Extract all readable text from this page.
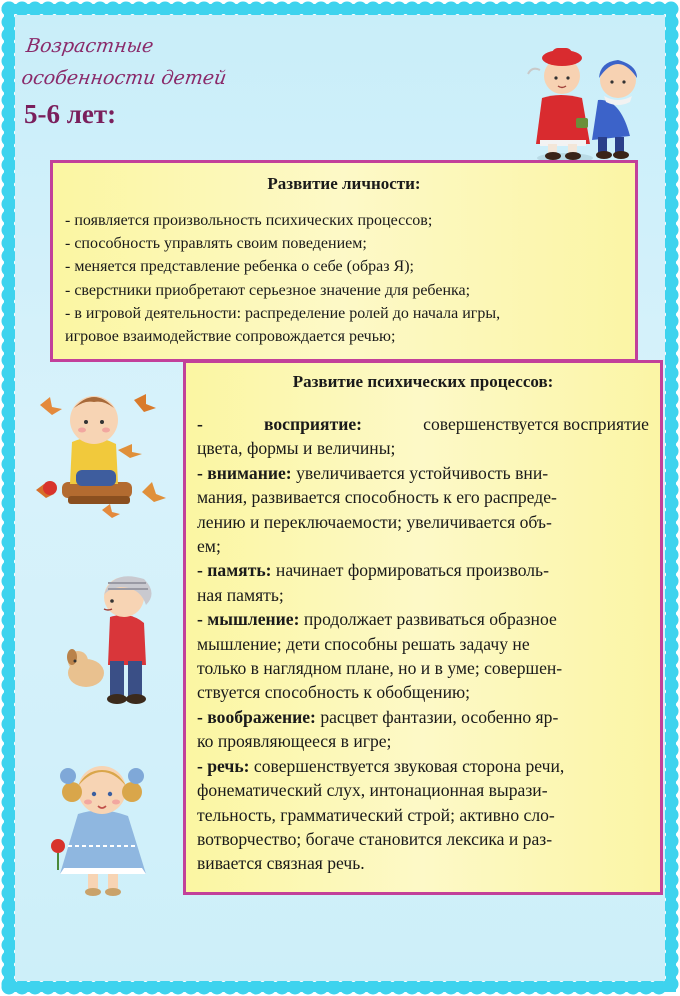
Возрастные
особенности детей
5-6 лет:
Развитие личности:
- появляется произвольность психических процессов;
- способность управлять своим поведением;
- меняется представление ребенка о себе (образ Я);
- сверстники приобретают серьезное значение для ребенка;
- в игровой деятельности: распределение ролей до начала игры,
игровое взаимодействие сопровождается речью;
Развитие психических процессов:
-	восприятие:	совершенствуется восприятие
цвета, формы и величины;
- внимание: увеличивается устойчивость вни-
мания, развивается способность к его распреде-
лению и переключаемости; увеличивается объ-
ем;
- память: начинает формироваться произволь-
ная память;
- мышление: продолжает развиваться образное
мышление; дети способны решать задачу не
только в наглядном плане, но и в уме; совершен-
ствуется способность к обобщению;
- воображение: расцвет фантазии, особенно яр-
ко проявляющееся в игре;
- речь: совершенствуется звуковая сторона речи,
фонематический слух, интонационная вырази-
тельность, грамматический строй; активно сло-
вотворчество; богаче становится лексика и раз-
вивается связная речь.
